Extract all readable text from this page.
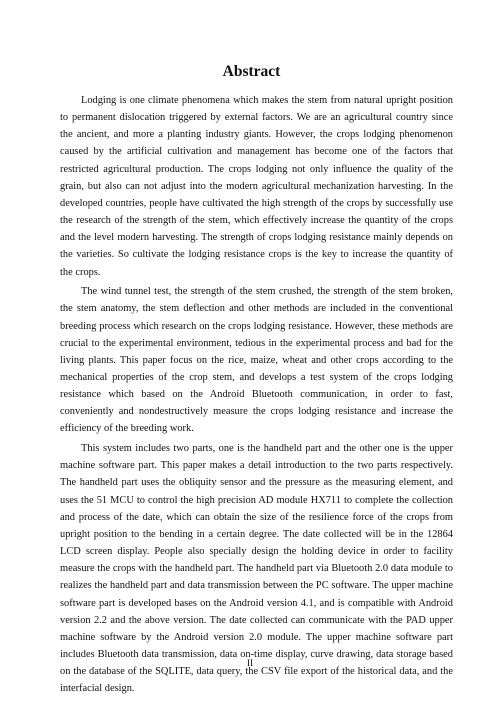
Abstract

Lodging is one climate phenomena which makes the stem from natural upright position to permanent dislocation triggered by external factors. We are an agricultural country since the ancient, and more a planting industry giants. However, the crops lodging phenomenon caused by the artificial cultivation and management has become one of the factors that restricted agricultural production. The crops lodging not only influence the quality of the grain, but also can not adjust into the modern agricultural mechanization harvesting. In the developed countries, people have cultivated the high strength of the crops by successfully use the research of the strength of the stem, which effectively increase the quantity of the crops and the level modern harvesting. The strength of crops lodging resistance mainly depends on the varieties. So cultivate the lodging resistance crops is the key to increase the quantity of the crops.

The wind tunnel test, the strength of the stem crushed, the strength of the stem broken, the stem anatomy, the stem deflection and other methods are included in the conventional breeding process which research on the crops lodging resistance. However, these methods are crucial to the experimental environment, tedious in the experimental process and bad for the living plants. This paper focus on the rice, maize, wheat and other crops according to the mechanical properties of the crop stem, and develops a test system of the crops lodging resistance which based on the Android Bluetooth communication, in order to fast, conveniently and nondestructively measure the crops lodging resistance and increase the efficiency of the breeding work.

This system includes two parts, one is the handheld part and the other one is the upper machine software part. This paper makes a detail introduction to the two parts respectively. The handheld part uses the obliquity sensor and the pressure as the measuring element, and uses the 51 MCU to control the high precision AD module HX711 to complete the collection and process of the date, which can obtain the size of the resilience force of the crops from upright position to the bending in a certain degree. The date collected will be in the 12864 LCD screen display. People also specially design the holding device in order to facility measure the crops with the handheld part. The handheld part via Bluetooth 2.0 data module to realizes the handheld part and data transmission between the PC software. The upper machine software part is developed bases on the Android version 4.1, and is compatible with Android version 2.2 and the above version. The date collected can communicate with the PAD upper machine software by the Android version 2.0 module. The upper machine software part includes Bluetooth data transmission, data on-time display, curve drawing, data storage based on the database of the SQLITE, data query, the CSV file export of the historical data, and the interfacial design.

II
